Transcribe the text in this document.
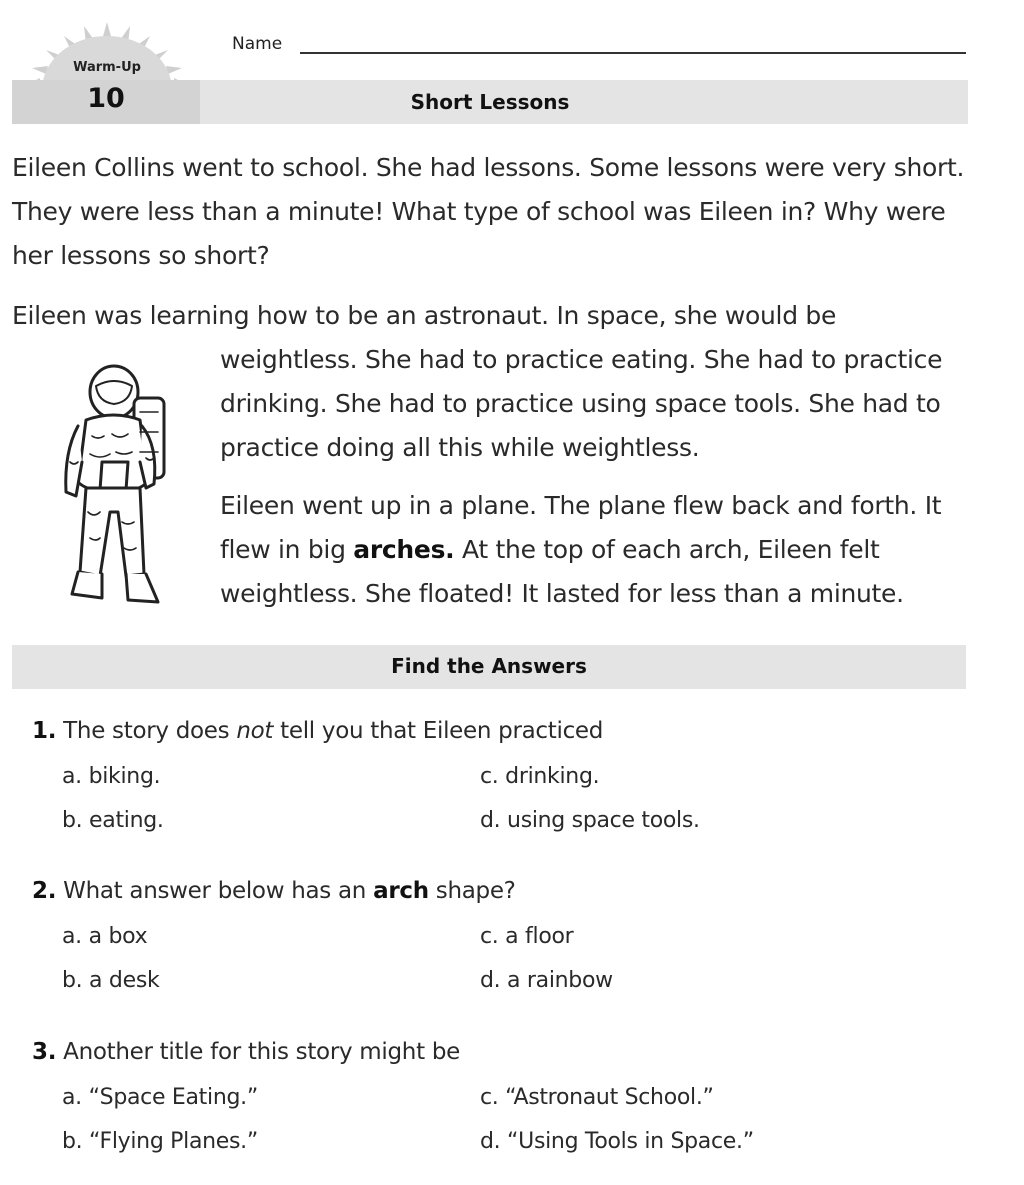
Warm-Up
Name
10	Short Lessons
Eileen Collins went to school. She had lessons. Some lessons were very short. They were less than a minute! What type of school was Eileen in? Why were her lessons so short?
Eileen was learning how to be an astronaut. In space, she would be
weightless. She had to practice eating. She had to practice drinking. She had to practice using space tools. She had to practice doing all this while weightless.
Eileen went up in a plane. The plane flew back and forth. It flew in big arches. At the top of each arch, Eileen felt weightless. She floated! It lasted for less than a minute.
Find the Answers
1. The story does not tell you that Eileen practiced
a. biking.	c. drinking.
b. eating.	d. using space tools.
2. What answer below has an arch shape?
a. a box	c. a floor
b. a desk	d. a rainbow
3. Another title for this story might be
a. “Space Eating.”	c. “Astronaut School.”
b. “Flying Planes.”	d. “Using Tools in Space.”
